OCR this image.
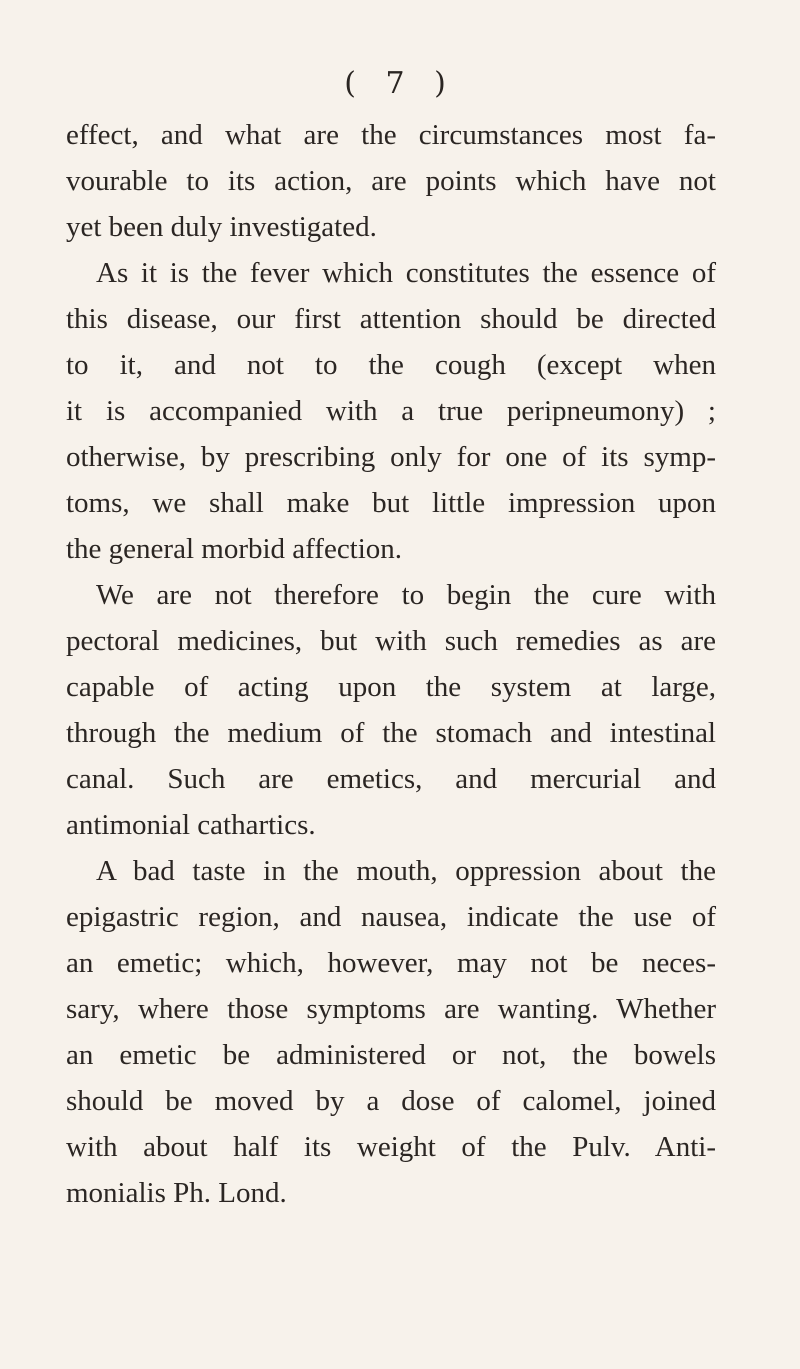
( 7 )
effect, and what are the circumstances most fa-
vourable to its action, are points which have not
yet been duly investigated.
As it is the fever which constitutes the essence of
this disease, our first attention should be directed
to it, and not to the cough (except when
it is accompanied with a true peripneumony) ;
otherwise, by prescribing only for one of its symp-
toms, we shall make but little impression upon
the general morbid affection.
We are not therefore to begin the cure with
pectoral medicines, but with such remedies as are
capable of acting upon the system at large,
through the medium of the stomach and intestinal
canal. Such are emetics, and mercurial and
antimonial cathartics.
A bad taste in the mouth, oppression about the
epigastric region, and nausea, indicate the use of
an emetic; which, however, may not be neces-
sary, where those symptoms are wanting. Whether
an emetic be administered or not, the bowels
should be moved by a dose of calomel, joined
with about half its weight of the Pulv. Anti-
monialis Ph. Lond.
